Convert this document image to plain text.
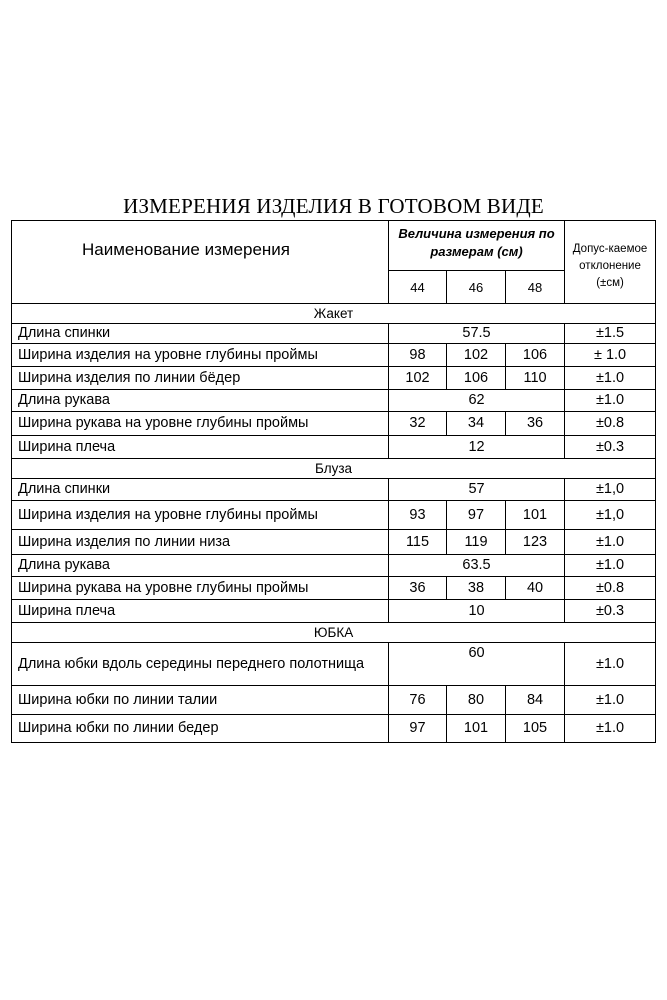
ИЗМЕРЕНИЯ ИЗДЕЛИЯ В ГОТОВОМ ВИДЕ
Наименование измерения	Величина измерения по размерам (см)			Допус-каемое отклонение (±см)
	44	46	48	
Жакет				
Длина спинки	57.5			±1.5
Ширина изделия на уровне глубины проймы	98	102	106	± 1.0
Ширина изделия по линии бёдер	102	106	110	±1.0
Длина рукава	62			±1.0
Ширина рукава на уровне глубины проймы	32	34	36	±0.8
Ширина плеча	12			±0.3
Блуза				
Длина спинки	57			±1,0
Ширина изделия на уровне глубины проймы	93	97	101	±1,0
Ширина изделия по линии низа	115	119	123	±1.0
Длина рукава	63.5			±1.0
Ширина рукава на уровне глубины проймы	36	38	40	±0.8
Ширина плеча	10			±0.3
ЮБКА				
Длина юбки вдоль середины переднего полотнища	60			±1.0
Ширина юбки по линии талии	76	80	84	±1.0
Ширина юбки по линии бедер	97	101	105	±1.0
